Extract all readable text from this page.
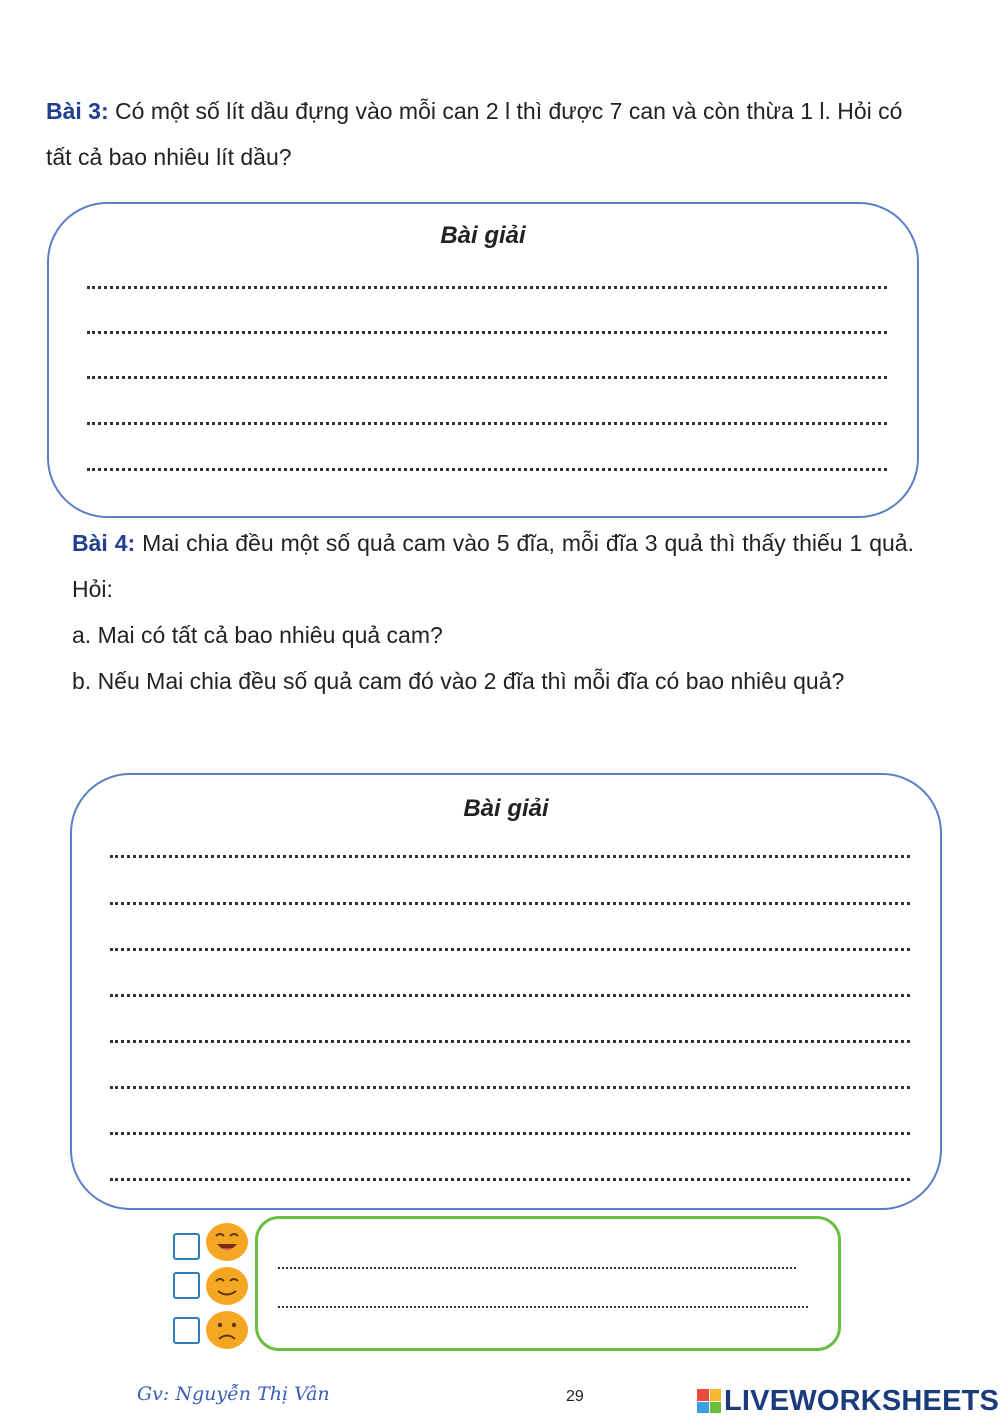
Bài 3: Có một số lít dầu đựng vào mỗi can 2 l thì được 7 can và còn thừa 1 l. Hỏi có tất cả bao nhiêu lít dầu?
Bài giải
Bài 4: Mai chia đều một số quả cam vào 5 đĩa, mỗi đĩa 3 quả thì thấy thiếu 1 quả. Hỏi:
a. Mai có tất cả bao nhiêu quả cam?
b. Nếu Mai chia đều số quả cam đó vào 2 đĩa thì mỗi đĩa có bao nhiêu quả?
Bài giải
Gv: Nguyễn Thị Vân	29	LIVEWORKSHEETS
